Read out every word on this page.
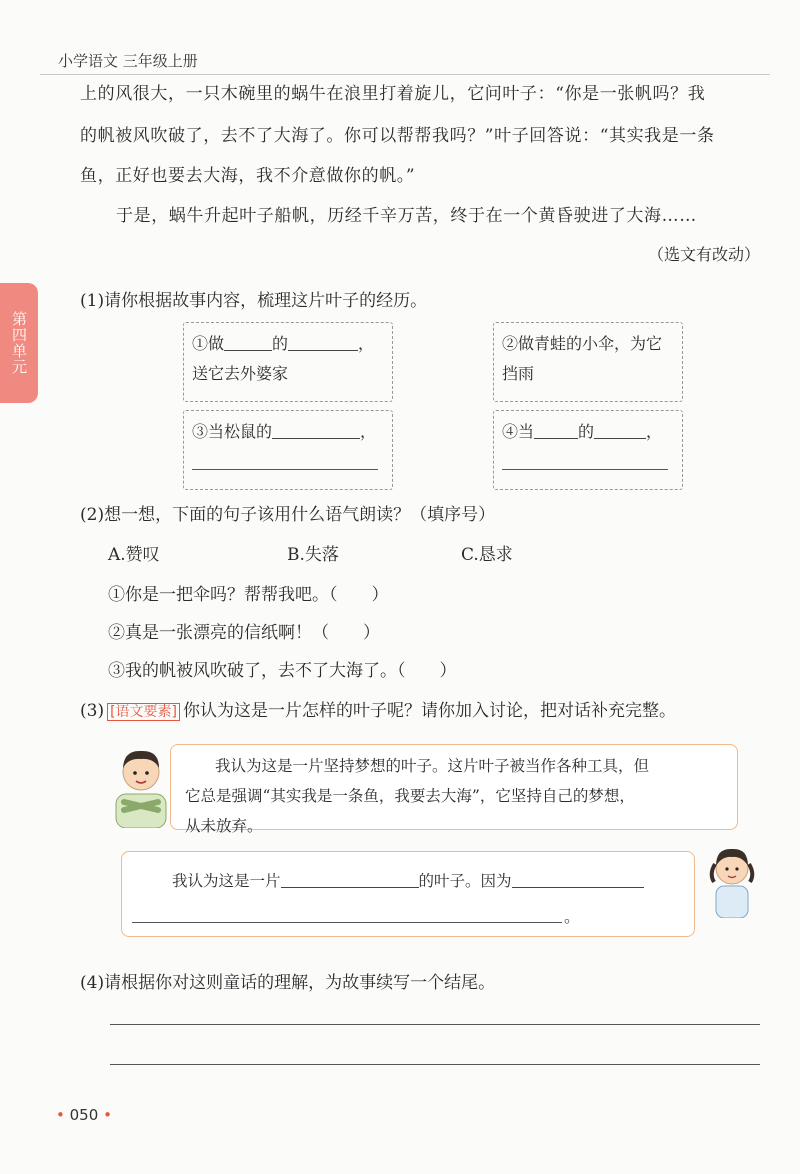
小学语文 三年级上册
第四单元
上的风很大，一只木碗里的蜗牛在浪里打着旋儿，它问叶子：“你是一张帆吗？我
的帆被风吹破了，去不了大海了。你可以帮帮我吗？”叶子回答说：“其实我是一条
鱼，正好也要去大海，我不介意做你的帆。”
于是，蜗牛升起叶子船帆，历经千辛万苦，终于在一个黄昏驶进了大海……
（选文有改动）
(1)请你根据故事内容，梳理这片叶子的经历。
①做	的	，
送它去外婆家
②做青蛙的小伞，为它
挡雨
③当松鼠的	，	④当	的	，
(2)想一想，下面的句子该用什么语气朗读？（填序号）
A.赞叹	B.失落	C.恳求
①你是一把伞吗？帮帮我吧。（　　）
②真是一张漂亮的信纸啊！（　　）
③我的帆被风吹破了，去不了大海了。（　　）
(3) [语文要素] 你认为这是一片怎样的叶子呢？请你加入讨论，把对话补充完整。
我认为这是一片坚持梦想的叶子。这片叶子被当作各种工具，但
它总是强调“其实我是一条鱼，我要去大海”，它坚持自己的梦想，
从未放弃。
我认为这是一片	的叶子。因为
。
(4)请根据你对这则童话的理解，为故事续写一个结尾。
• 050 •
